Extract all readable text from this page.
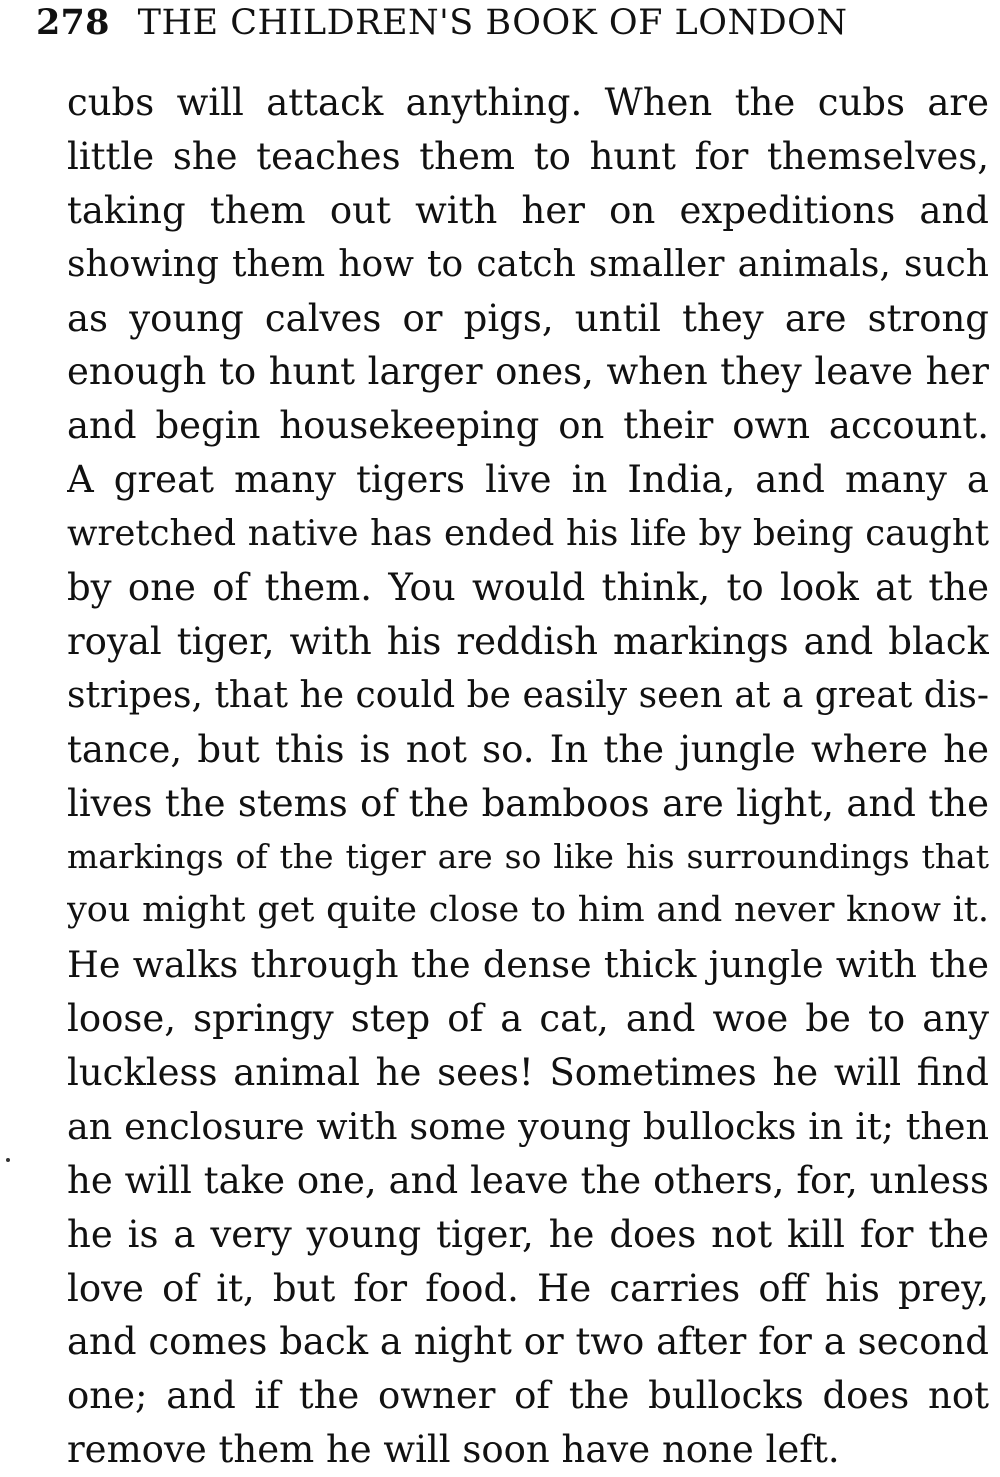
278 THE CHILDREN'S BOOK OF LONDON
cubs will attack anything. When the cubs are
little she teaches them to hunt for themselves,
taking them out with her on expeditions and
showing them how to catch smaller animals, such
as young calves or pigs, until they are strong
enough to hunt larger ones, when they leave her
and begin housekeeping on their own account.
A great many tigers live in India, and many a
wretched native has ended his life by being caught
by one of them. You would think, to look at the
royal tiger, with his reddish markings and black
stripes, that he could be easily seen at a great dis-
tance, but this is not so. In the jungle where he
lives the stems of the bamboos are light, and the
markings of the tiger are so like his surroundings that
you might get quite close to him and never know it.
He walks through the dense thick jungle with the
loose, springy step of a cat, and woe be to any
luckless animal he sees! Sometimes he will find
an enclosure with some young bullocks in it; then
he will take one, and leave the others, for, unless
he is a very young tiger, he does not kill for the
love of it, but for food. He carries off his prey,
and comes back a night or two after for a second
one; and if the owner of the bullocks does not
remove them he will soon have none left.
